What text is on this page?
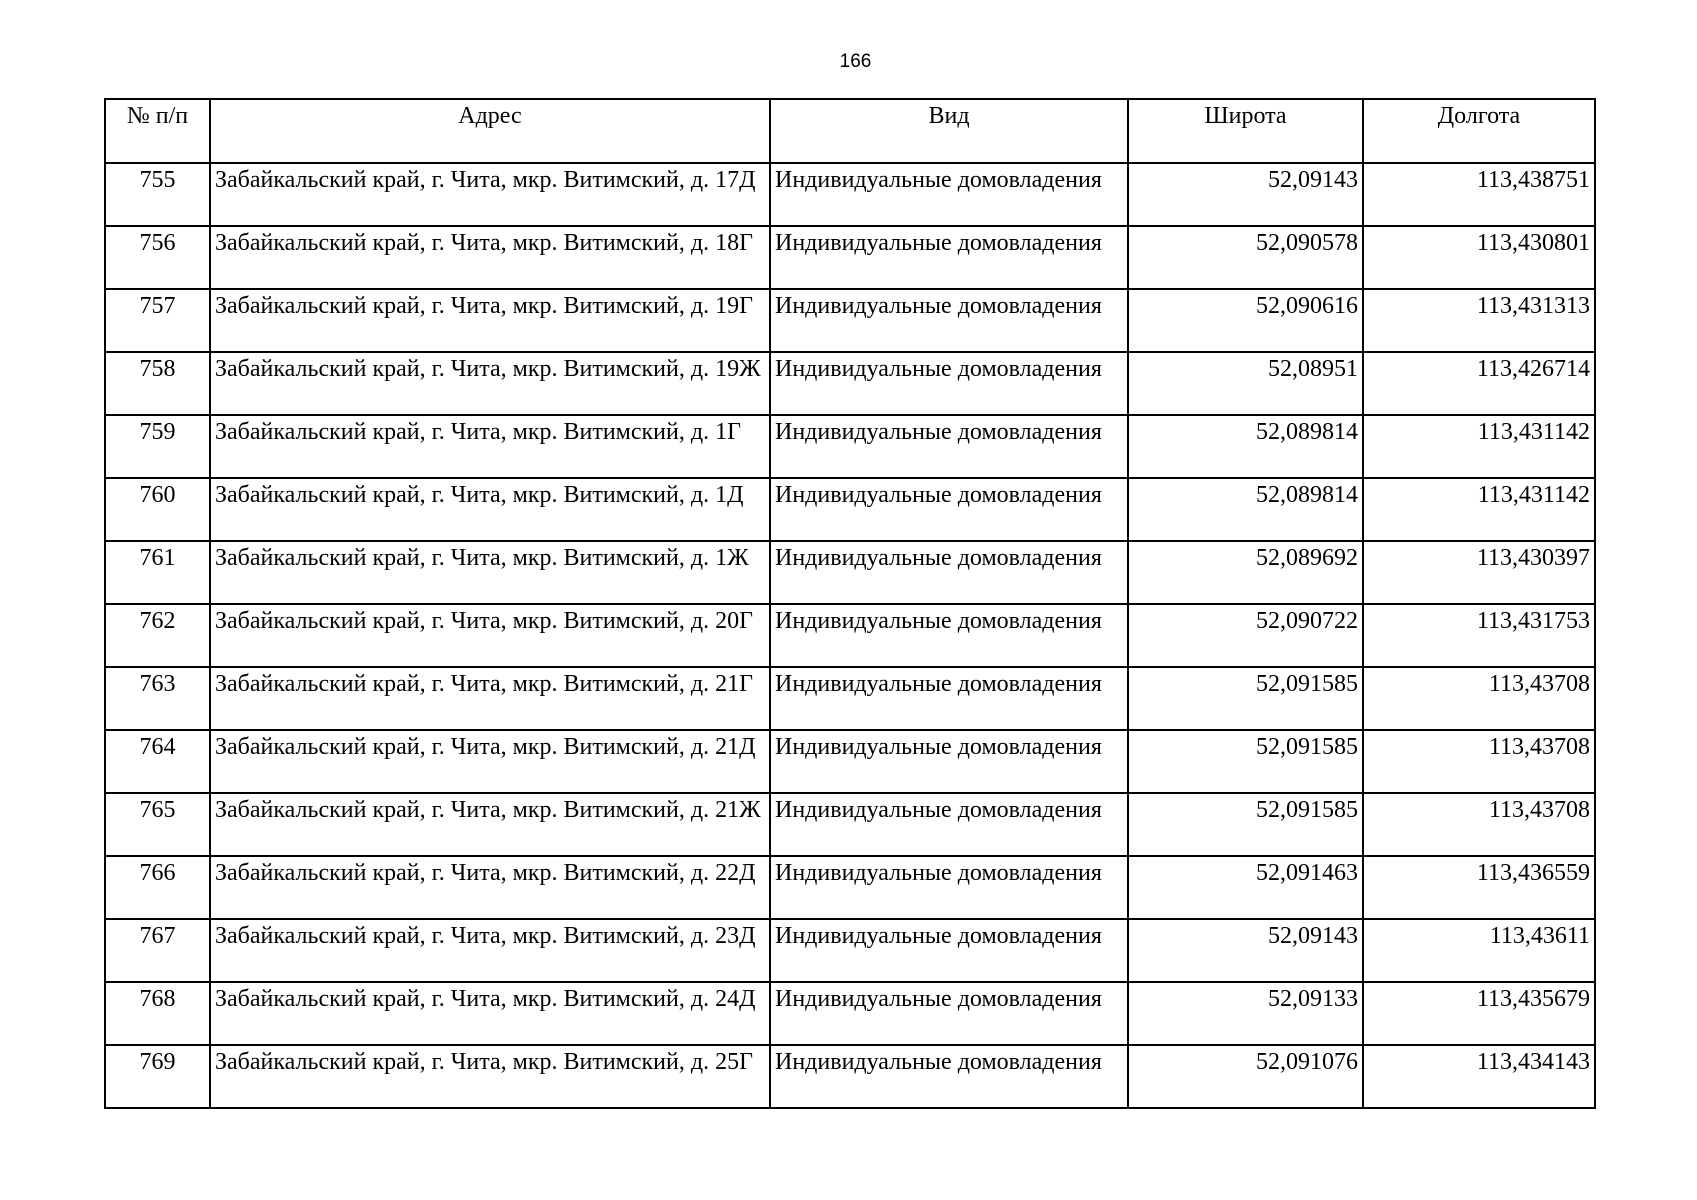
166
№ п/п	Адрес	Вид	Широта	Долгота
755	Забайкальский край, г. Чита, мкр. Витимский, д. 17Д	Индивидуальные домовладения	52,09143	113,438751
756	Забайкальский край, г. Чита, мкр. Витимский, д. 18Г	Индивидуальные домовладения	52,090578	113,430801
757	Забайкальский край, г. Чита, мкр. Витимский, д. 19Г	Индивидуальные домовладения	52,090616	113,431313
758	Забайкальский край, г. Чита, мкр. Витимский, д. 19Ж	Индивидуальные домовладения	52,08951	113,426714
759	Забайкальский край, г. Чита, мкр. Витимский, д. 1Г	Индивидуальные домовладения	52,089814	113,431142
760	Забайкальский край, г. Чита, мкр. Витимский, д. 1Д	Индивидуальные домовладения	52,089814	113,431142
761	Забайкальский край, г. Чита, мкр. Витимский, д. 1Ж	Индивидуальные домовладения	52,089692	113,430397
762	Забайкальский край, г. Чита, мкр. Витимский, д. 20Г	Индивидуальные домовладения	52,090722	113,431753
763	Забайкальский край, г. Чита, мкр. Витимский, д. 21Г	Индивидуальные домовладения	52,091585	113,43708
764	Забайкальский край, г. Чита, мкр. Витимский, д. 21Д	Индивидуальные домовладения	52,091585	113,43708
765	Забайкальский край, г. Чита, мкр. Витимский, д. 21Ж	Индивидуальные домовладения	52,091585	113,43708
766	Забайкальский край, г. Чита, мкр. Витимский, д. 22Д	Индивидуальные домовладения	52,091463	113,436559
767	Забайкальский край, г. Чита, мкр. Витимский, д. 23Д	Индивидуальные домовладения	52,09143	113,43611
768	Забайкальский край, г. Чита, мкр. Витимский, д. 24Д	Индивидуальные домовладения	52,09133	113,435679
769	Забайкальский край, г. Чита, мкр. Витимский, д. 25Г	Индивидуальные домовладения	52,091076	113,434143
